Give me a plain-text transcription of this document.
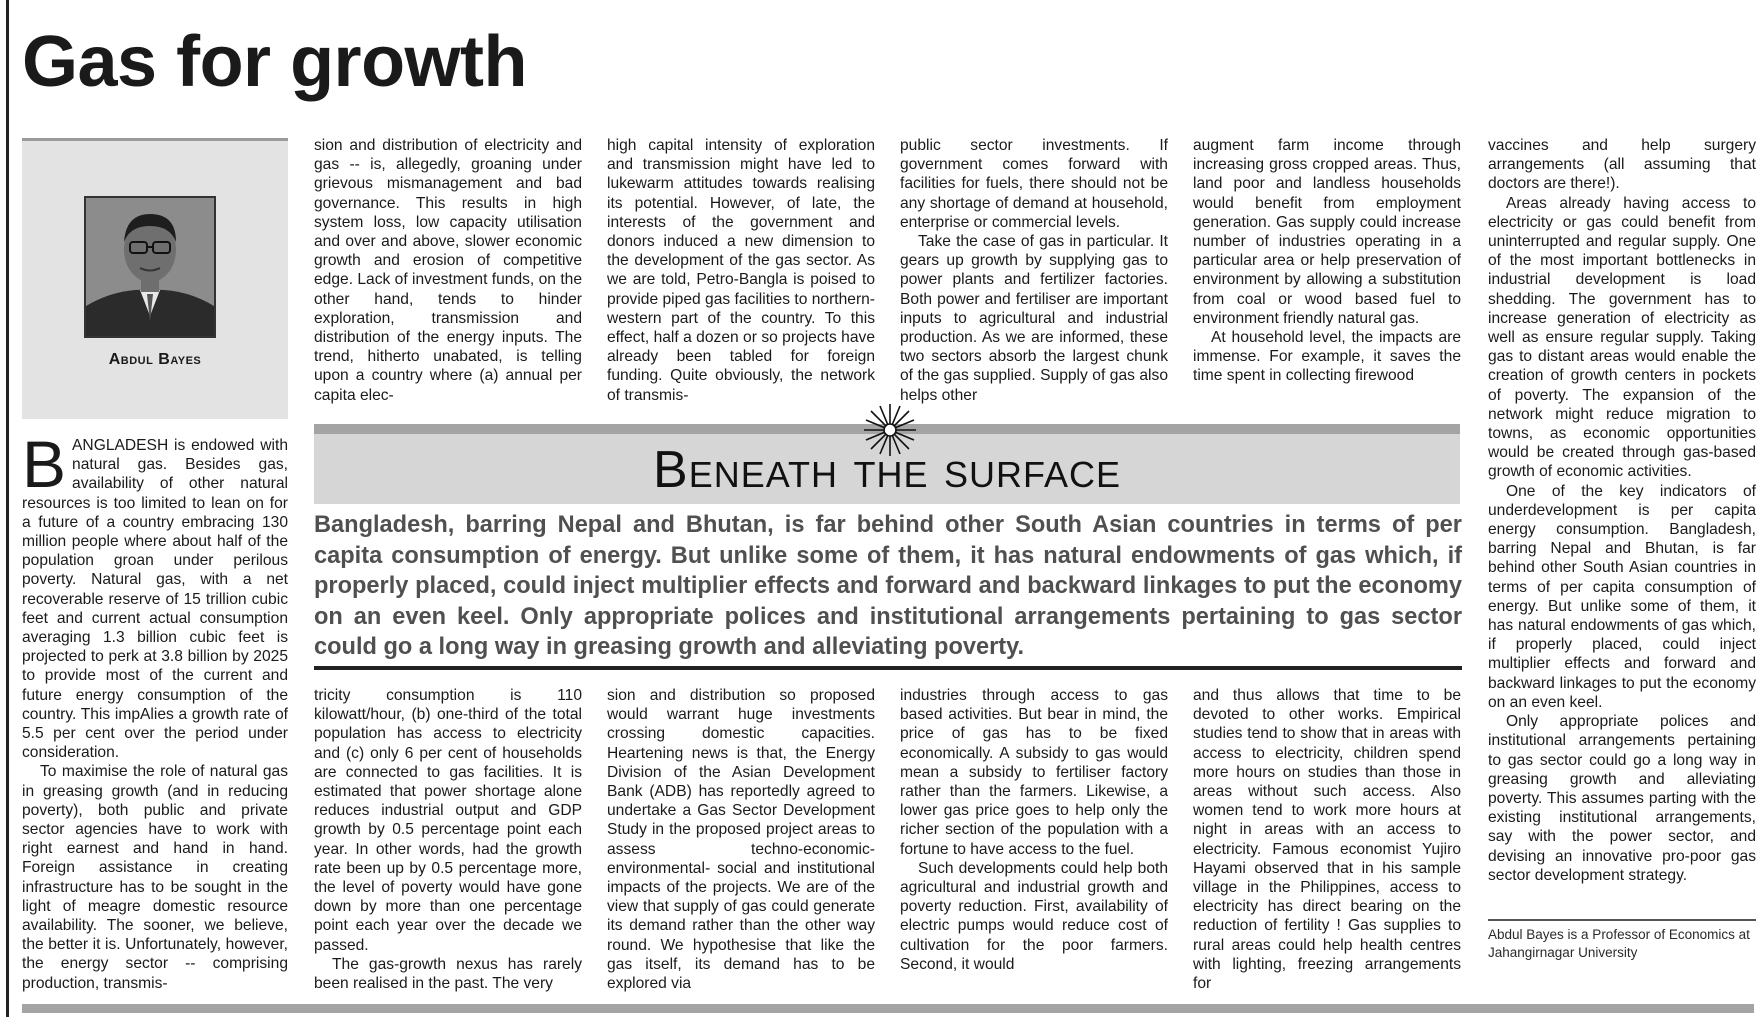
Gas for growth
Abdul Bayes

BANGLADESH is endowed with natural gas. Besides gas, availability of other natural resources is too limited to lean on for a future of a country embracing 130 million people where about half of the population groan under perilous poverty. Natural gas, with a net recoverable reserve of 15 trillion cubic feet and current actual consumption averaging 1.3 billion cubic feet is projected to perk at 3.8 billion by 2025 to provide most of the current and future energy consumption of the country. This impAlies a growth rate of 5.5 per cent over the period under consideration.

To maximise the role of natural gas in greasing growth (and in reducing poverty), both public and private sector agencies have to work with right earnest and hand in hand. Foreign assistance in creating infrastructure has to be sought in the light of meagre domestic resource availability. The sooner, we believe, the better it is. Unfortunately, however, the energy sector -- comprising production, transmis-

sion and distribution of electricity and gas -- is, allegedly, groaning under grievous mismanagement and bad governance. This results in high system loss, low capacity utilisation and over and above, slower economic growth and erosion of competitive edge. Lack of investment funds, on the other hand, tends to hinder exploration, transmission and distribution of the energy inputs. The trend, hitherto unabated, is telling upon a country where (a) annual per capita elec-

high capital intensity of exploration and transmission might have led to lukewarm attitudes towards realising its potential. However, of late, the interests of the government and donors induced a new dimension to the development of the gas sector. As we are told, Petro-Bangla is poised to provide piped gas facilities to northern-western part of the country. To this effect, half a dozen or so projects have already been tabled for foreign funding. Quite obviously, the network of transmis-

public sector investments. If government comes forward with facilities for fuels, there should not be any shortage of demand at household, enterprise or commercial levels.

Take the case of gas in particular. It gears up growth by supplying gas to power plants and fertilizer factories. Both power and fertiliser are important inputs to agricultural and industrial production. As we are informed, these two sectors absorb the largest chunk of the gas supplied. Supply of gas also helps other

augment farm income through increasing gross cropped areas. Thus, land poor and landless households would benefit from employment generation. Gas supply could increase number of industries operating in a particular area or help preservation of environment by allowing a substitution from coal or wood based fuel to environment friendly natural gas.

At household level, the impacts are immense. For example, it saves the time spent in collecting firewood

Beneath the surface

Bangladesh, barring Nepal and Bhutan, is far behind other South Asian countries in terms of per capita consumption of energy. But unlike some of them, it has natural endowments of gas which, if properly placed, could inject multiplier effects and forward and backward linkages to put the economy on an even keel. Only appropriate polices and institutional arrangements pertaining to gas sector could go a long way in greasing growth and alleviating poverty.

tricity consumption is 110 kilowatt/hour, (b) one-third of the total population has access to electricity and (c) only 6 per cent of households are connected to gas facilities. It is estimated that power shortage alone reduces industrial output and GDP growth by 0.5 percentage point each year. In other words, had the growth rate been up by 0.5 percentage more, the level of poverty would have gone down by more than one percentage point each year over the decade we passed.

The gas-growth nexus has rarely been realised in the past. The very

sion and distribution so proposed would warrant huge investments crossing domestic capacities. Heartening news is that, the Energy Division of the Asian Development Bank (ADB) has reportedly agreed to undertake a Gas Sector Development Study in the proposed project areas to assess techno-economic-environmental- social and institutional impacts of the projects. We are of the view that supply of gas could generate its demand rather than the other way round. We hypothesise that like the gas itself, its demand has to be explored via

industries through access to gas based activities. But bear in mind, the price of gas has to be fixed economically. A subsidy to gas would mean a subsidy to fertiliser factory rather than the farmers. Likewise, a lower gas price goes to help only the richer section of the population with a fortune to have access to the fuel.

Such developments could help both agricultural and industrial growth and poverty reduction. First, availability of electric pumps would reduce cost of cultivation for the poor farmers. Second, it would

and thus allows that time to be devoted to other works. Empirical studies tend to show that in areas with access to electricity, children spend more hours on studies than those in areas without such access. Also women tend to work more hours at night in areas with an access to electricity. Famous economist Yujiro Hayami observed that in his sample village in the Philippines, access to electricity has direct bearing on the reduction of fertility ! Gas supplies to rural areas could help health centres with lighting, freezing arrangements for

vaccines and help surgery arrangements (all assuming that doctors are there!).

Areas already having access to electricity or gas could benefit from uninterrupted and regular supply. One of the most important bottlenecks in industrial development is load shedding. The government has to increase generation of electricity as well as ensure regular supply. Taking gas to distant areas would enable the creation of growth centers in pockets of poverty. The expansion of the network might reduce migration to towns, as economic opportunities would be created through gas-based growth of economic activities.

One of the key indicators of underdevelopment is per capita energy consumption. Bangladesh, barring Nepal and Bhutan, is far behind other South Asian countries in terms of per capita consumption of energy. But unlike some of them, it has natural endowments of gas which, if properly placed, could inject multiplier effects and forward and backward linkages to put the economy on an even keel.

Only appropriate polices and institutional arrangements pertaining to gas sector could go a long way in greasing growth and alleviating poverty. This assumes parting with the existing institutional arrangements, say with the power sector, and devising an innovative pro-poor gas sector development strategy.

Abdul Bayes is a Professor of Economics at Jahangirnagar University
